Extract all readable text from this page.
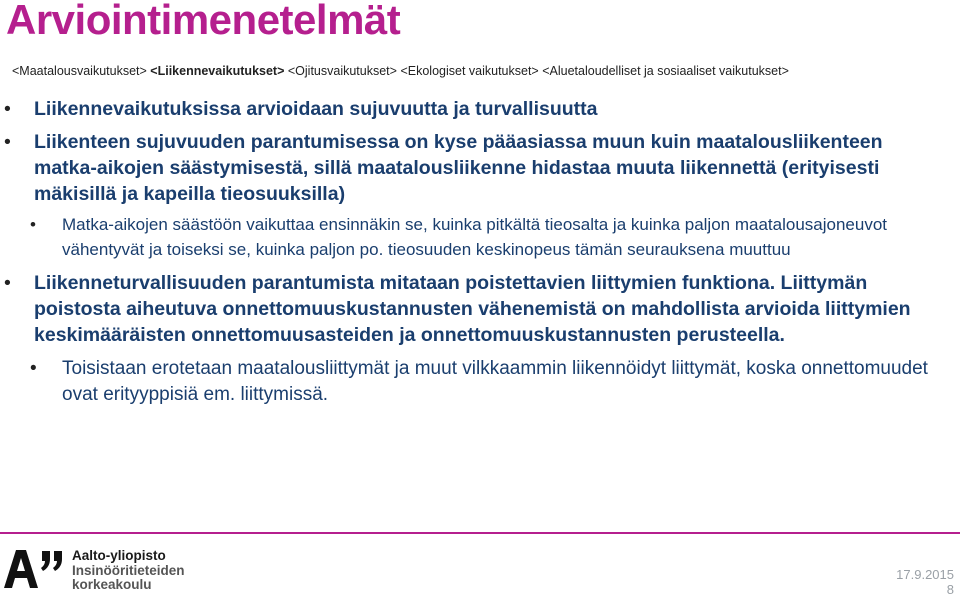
Arviointimenetelmät
<Maatalousvaikutukset> <Liikennevaikutukset> <Ojitusvaikutukset> <Ekologiset vaikutukset> <Aluetaloudelliset ja sosiaaliset vaikutukset>
• Liikennevaikutuksissa arvioidaan sujuvuutta ja turvallisuutta
• Liikenteen sujuvuuden parantumisessa on kyse pääasiassa muun kuin maatalousliikenteen matka-aikojen säästymisestä, sillä maatalousliikenne hidastaa muuta liikennettä (erityisesti mäkisillä ja kapeilla tieosuuksilla)
• Matka-aikojen säästöön vaikuttaa ensinnäkin se, kuinka pitkältä tieosalta ja kuinka paljon maatalousajoneuvot vähentyvät ja toiseksi se, kuinka paljon po. tieosuuden keskinopeus tämän seurauksena muuttuu
• Liikenneturvallisuuden parantumista mitataan poistettavien liittymien funktiona. Liittymän poistosta aiheutuva onnettomuuskustannusten vähenemistä on mahdollista arvioida liittymien keskimääräisten onnettomuusasteiden ja onnettomuuskustannusten perusteella.
• Toisistaan erotetaan maatalousliittymät ja muut vilkkaammin liikennöidyt liittymät, koska onnettomuudet ovat erityyppisiä em. liittymissä.
Aalto-yliopisto
Insinööritieteiden
korkeakoulu
17.9.2015
8
